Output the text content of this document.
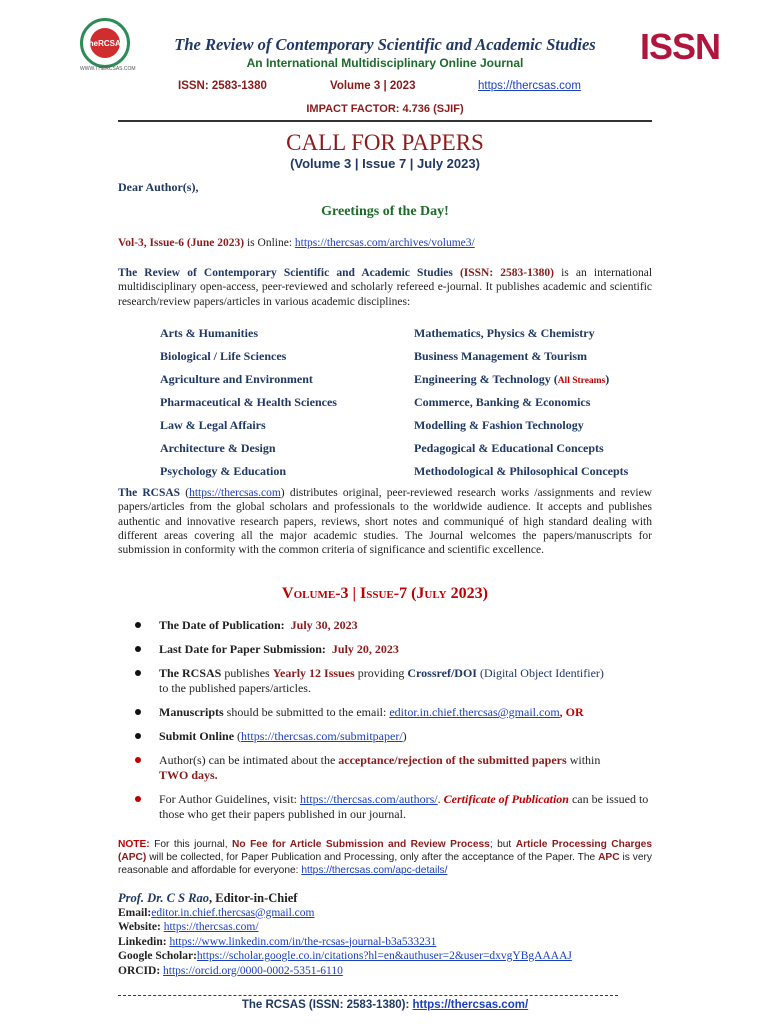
TheRCSAS
WWW.THERCSAS.COM
ISSN
The Review of Contemporary Scientific and Academic Studies
An International Multidisciplinary Online Journal
ISSN: 2583-1380	Volume 3 | 2023	https://thercsas.com
IMPACT FACTOR: 4.736 (SJIF)
CALL FOR PAPERS
(Volume 3 | Issue 7 | July 2023)
Dear Author(s),
Greetings of the Day!
Vol-3, Issue-6 (June 2023) is Online: https://thercsas.com/archives/volume3/
The Review of Contemporary Scientific and Academic Studies (ISSN: 2583-1380) is an international multidisciplinary open-access, peer-reviewed and scholarly refereed e-journal. It publishes academic and scientific research/review papers/articles in various academic disciplines:
Arts & Humanities
Biological / Life Sciences
Agriculture and Environment
Pharmaceutical & Health Sciences
Law & Legal Affairs
Architecture & Design
Psychology & Education
Mathematics, Physics & Chemistry
Business Management & Tourism
Engineering & Technology (All Streams)
Commerce, Banking & Economics
Modelling & Fashion Technology
Pedagogical & Educational Concepts
Methodological & Philosophical Concepts
The RCSAS (https://thercsas.com) distributes original, peer-reviewed research works /assignments and review papers/articles from the global scholars and professionals to the worldwide audience. It accepts and publishes authentic and innovative research papers, reviews, short notes and communiqué of high standard dealing with different areas covering all the major academic studies. The Journal welcomes the papers/manuscripts for submission in conformity with the common criteria of significance and scientific excellence.
Volume-3 | Issue-7 (July 2023)
The Date of Publication: July 30, 2023
Last Date for Paper Submission: July 20, 2023
The RCSAS publishes Yearly 12 Issues providing Crossref/DOI (Digital Object Identifier)
to the published papers/articles.
Manuscripts should be submitted to the email: editor.in.chief.thercsas@gmail.com, OR
Submit Online (https://thercsas.com/submitpaper/)
Author(s) can be intimated about the acceptance/rejection of the submitted papers within
TWO days.
For Author Guidelines, visit: https://thercsas.com/authors/. Certificate of Publication can be issued to those who get their papers published in our journal.
NOTE: For this journal, No Fee for Article Submission and Review Process; but Article Processing Charges (APC) will be collected, for Paper Publication and Processing, only after the acceptance of the Paper. The APC is very reasonable and affordable for everyone: https://thercsas.com/apc-details/
Prof. Dr. C S Rao, Editor-in-Chief
Email:editor.in.chief.thercsas@gmail.com
Website: https://thercsas.com/
Linkedin: https://www.linkedin.com/in/the-rcsas-journal-b3a533231
Google Scholar:https://scholar.google.co.in/citations?hl=en&authuser=2&user=dxvgYBgAAAAJ
ORCID: https://orcid.org/0000-0002-5351-6110
The RCSAS (ISSN: 2583-1380): https://thercsas.com/
